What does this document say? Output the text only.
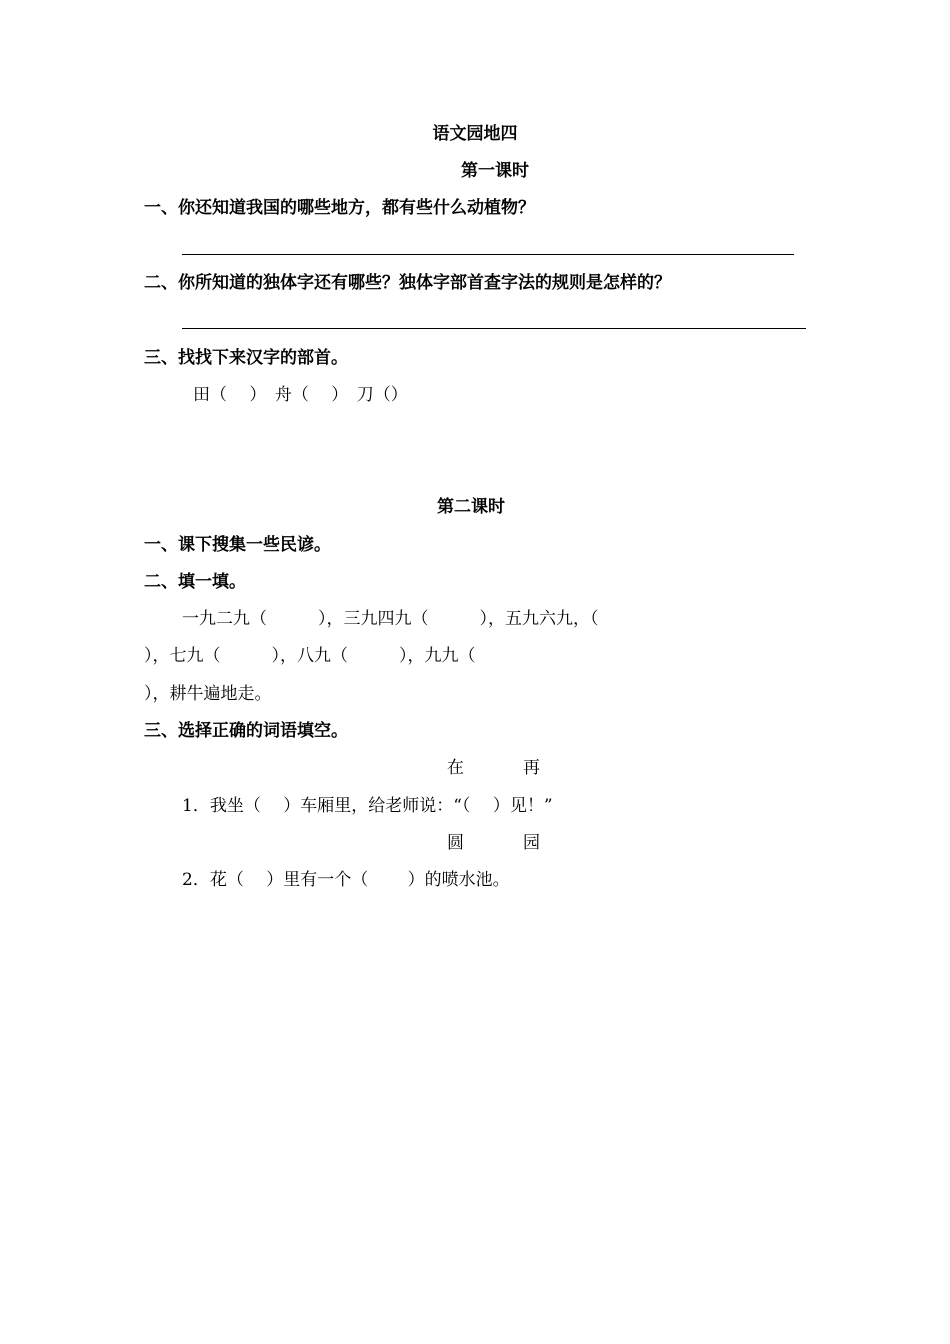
语文园地四
第一课时
一、你还知道我国的哪些地方，都有些什么动植物？
二、你所知道的独体字还有哪些？独体字部首查字法的规则是怎样的？
三、找找下来汉字的部首。
田（　 ）　舟（　 ）　刀（）
第二课时
一、课下搜集一些民谚。
二、填一填。
一九二九（　　　），三九四九（　　　），五九六九，（
），七九（　　　），八九（　　　），九九（
），耕牛遍地走。
三、选择正确的词语填空。
在	再
1．我坐（　 ）车厢里，给老师说：“（　 ）见！”
圆	园
2．花（　 ）里有一个（　　 ）的喷水池。
